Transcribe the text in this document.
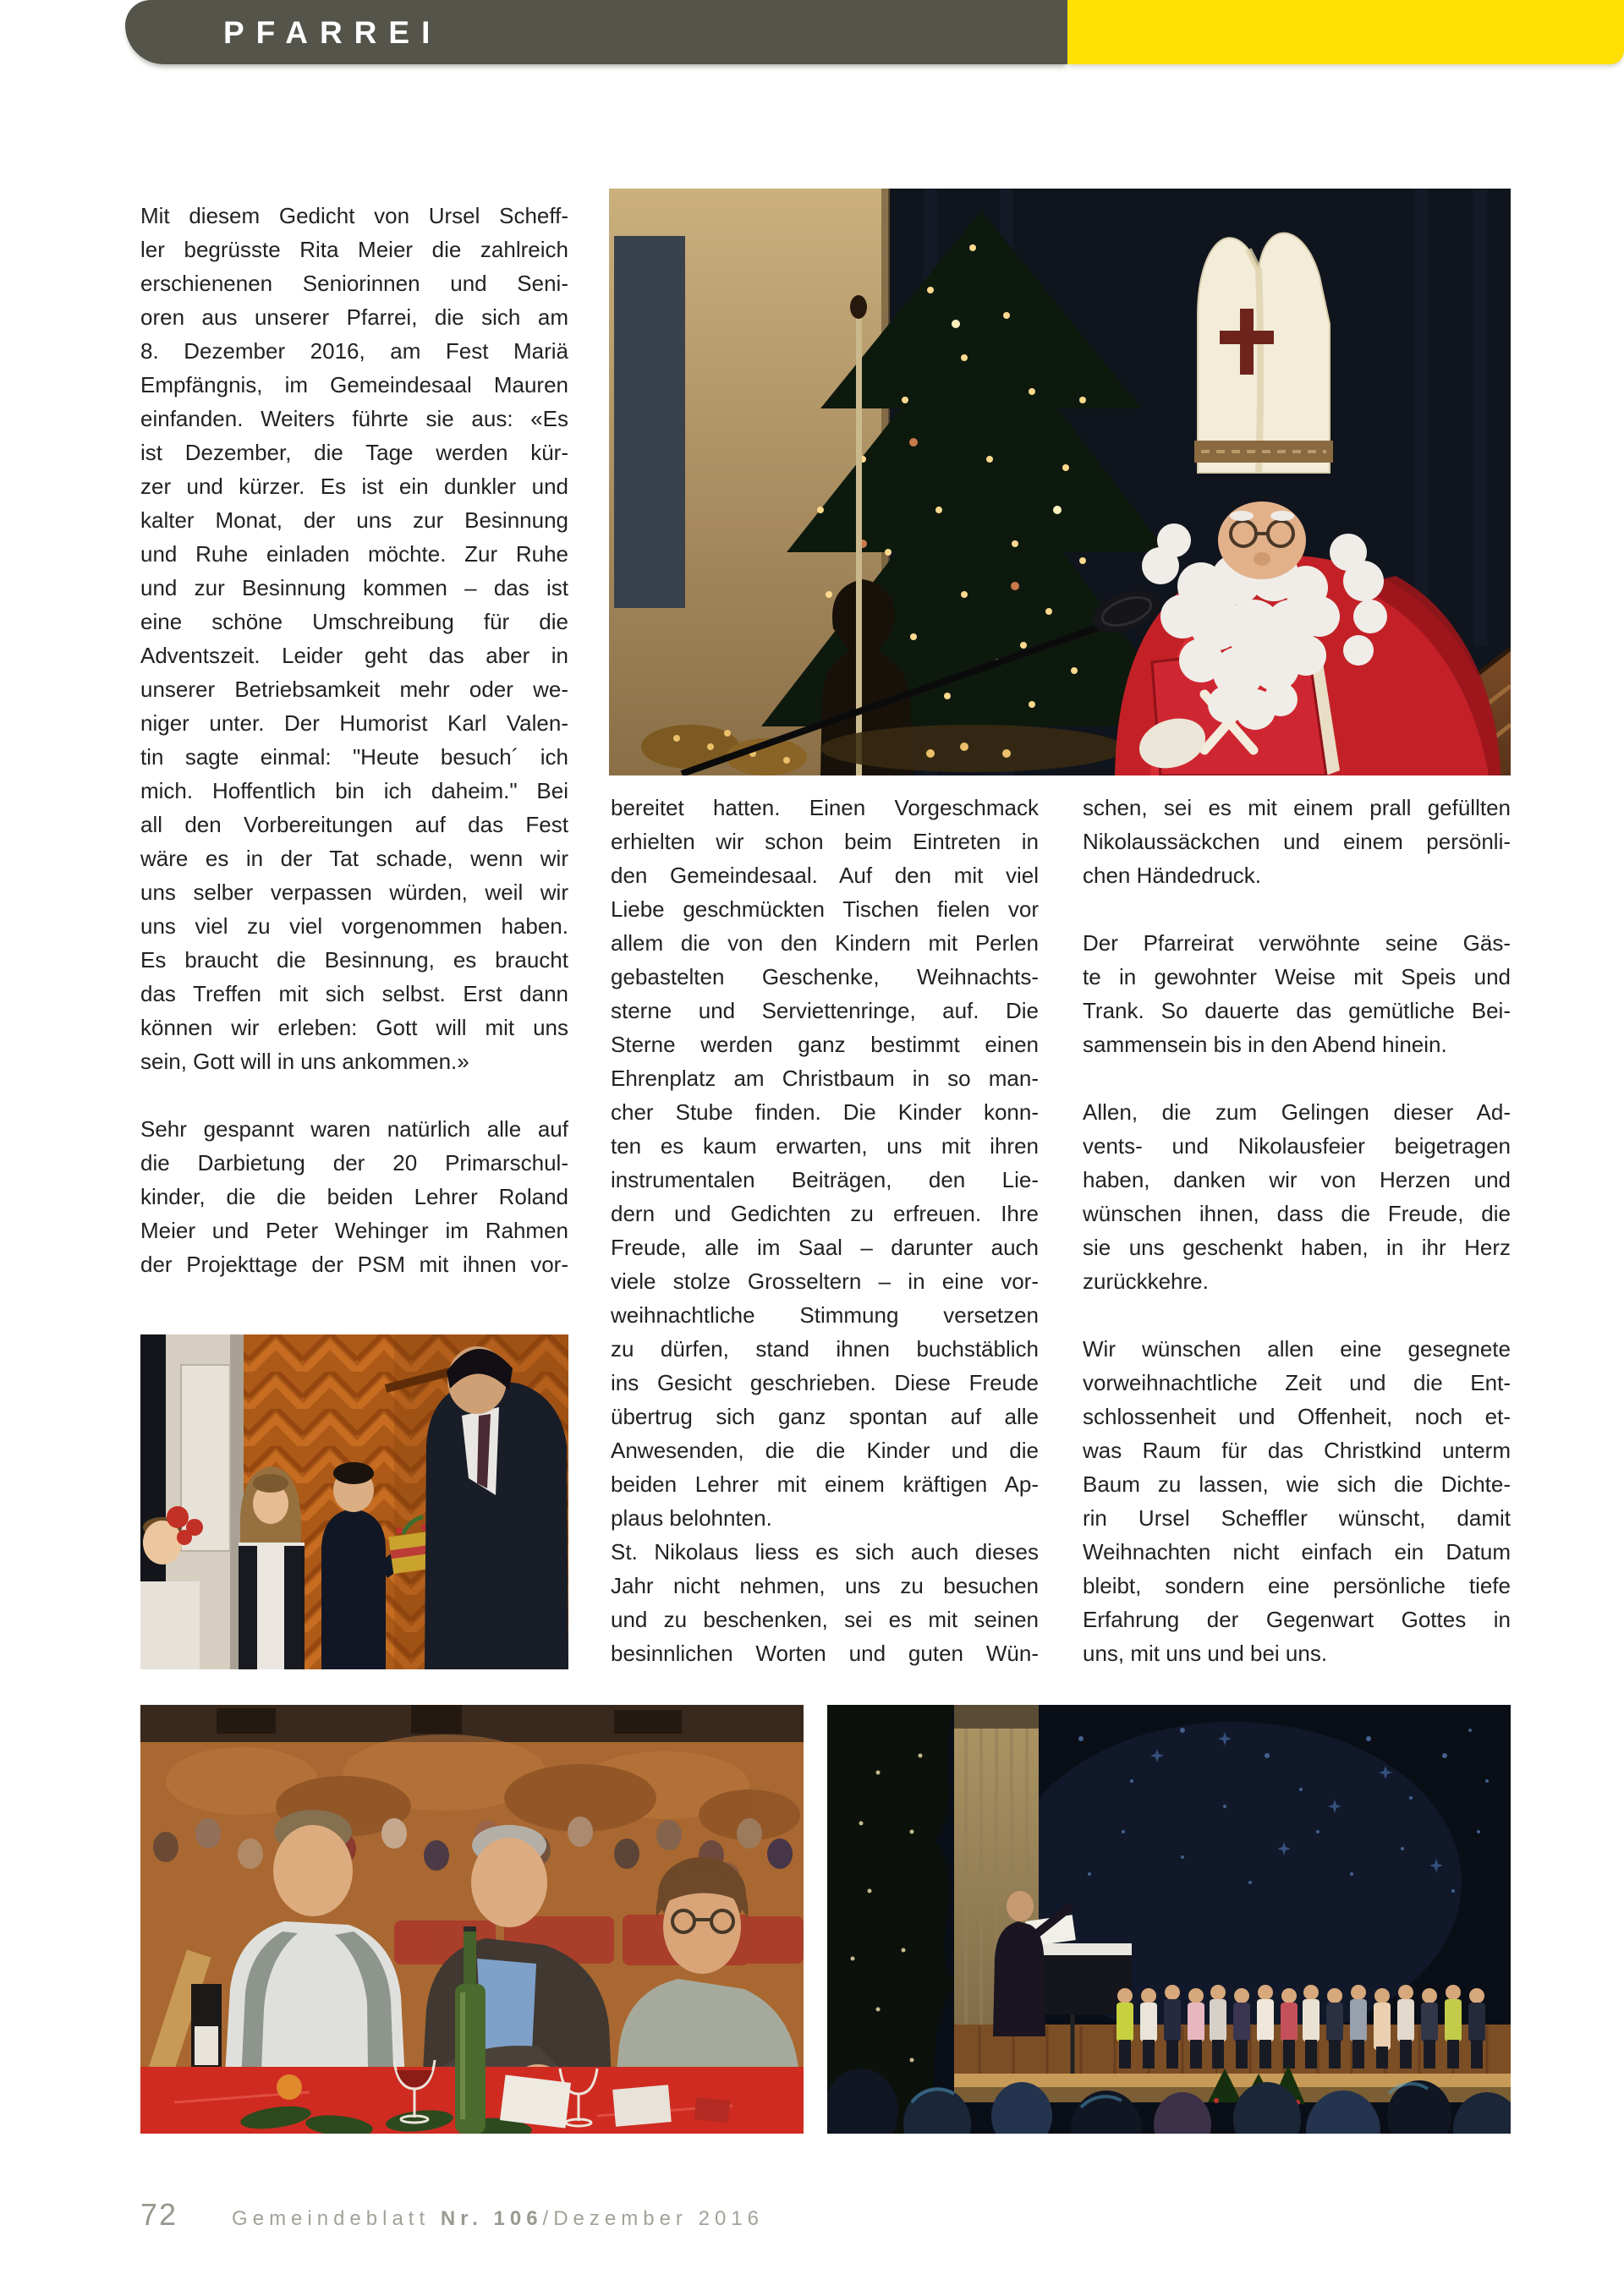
PFARREI
Mit diesem Gedicht von Ursel Scheff-
ler begrüsste Rita Meier die zahlreich
erschienenen Seniorinnen und Seni-
oren aus unserer Pfarrei, die sich am
8. Dezember 2016, am Fest Mariä
Empfängnis, im Gemeindesaal Mauren
einfanden. Weiters führte sie aus: «Es
ist Dezember, die Tage werden kür-
zer und kürzer. Es ist ein dunkler und
kalter Monat, der uns zur Besinnung
und Ruhe einladen möchte. Zur Ruhe
und zur Besinnung kommen – das ist
eine schöne Umschreibung für die
Adventszeit. Leider geht das aber in
unserer Betriebsamkeit mehr oder we-
niger unter. Der Humorist Karl Valen-
tin sagte einmal: "Heute besuch´ ich
mich. Hoffentlich bin ich daheim." Bei
all den Vorbereitungen auf das Fest
wäre es in der Tat schade, wenn wir
uns selber verpassen würden, weil wir
uns viel zu viel vorgenommen haben.
Es braucht die Besinnung, es braucht
das Treffen mit sich selbst. Erst dann
können wir erleben: Gott will mit uns
sein, Gott will in uns ankommen.»
Sehr gespannt waren natürlich alle auf
die Darbietung der 20 Primarschul-
kinder, die die beiden Lehrer Roland
Meier und Peter Wehinger im Rahmen
der Projekttage der PSM mit ihnen vor-
bereitet hatten. Einen Vorgeschmack
erhielten wir schon beim Eintreten in
den Gemeindesaal. Auf den mit viel
Liebe geschmückten Tischen fielen vor
allem die von den Kindern mit Perlen
gebastelten Geschenke, Weihnachts-
sterne und Serviettenringe, auf. Die
Sterne werden ganz bestimmt einen
Ehrenplatz am Christbaum in so man-
cher Stube finden. Die Kinder konn-
ten es kaum erwarten, uns mit ihren
instrumentalen Beiträgen, den Lie-
dern und Gedichten zu erfreuen. Ihre
Freude, alle im Saal – darunter auch
viele stolze Grosseltern – in eine vor-
weihnachtliche Stimmung versetzen
zu dürfen, stand ihnen buchstäblich
ins Gesicht geschrieben. Diese Freude
übertrug sich ganz spontan auf alle
Anwesenden, die die Kinder und die
beiden Lehrer mit einem kräftigen Ap-
plaus belohnten.
St. Nikolaus liess es sich auch dieses
Jahr nicht nehmen, uns zu besuchen
und zu beschenken, sei es mit seinen
besinnlichen Worten und guten Wün-
schen, sei es mit einem prall gefüllten
Nikolaussäckchen und einem persönli-
chen Händedruck.
Der Pfarreirat verwöhnte seine Gäs-
te in gewohnter Weise mit Speis und
Trank. So dauerte das gemütliche Bei-
sammensein bis in den Abend hinein.
Allen, die zum Gelingen dieser Ad-
vents- und Nikolausfeier beigetragen
haben, danken wir von Herzen und
wünschen ihnen, dass die Freude, die
sie uns geschenkt haben, in ihr Herz
zurückkehre.
Wir wünschen allen eine gesegnete
vorweihnachtliche Zeit und die Ent-
schlossenheit und Offenheit, noch et-
was Raum für das Christkind unterm
Baum zu lassen, wie sich die Dichte-
rin Ursel Scheffler wünscht, damit
Weihnachten nicht einfach ein Datum
bleibt, sondern eine persönliche tiefe
Erfahrung der Gegenwart Gottes in
uns, mit uns und bei uns.
72	Gemeindeblatt Nr. 106/Dezember 2016
